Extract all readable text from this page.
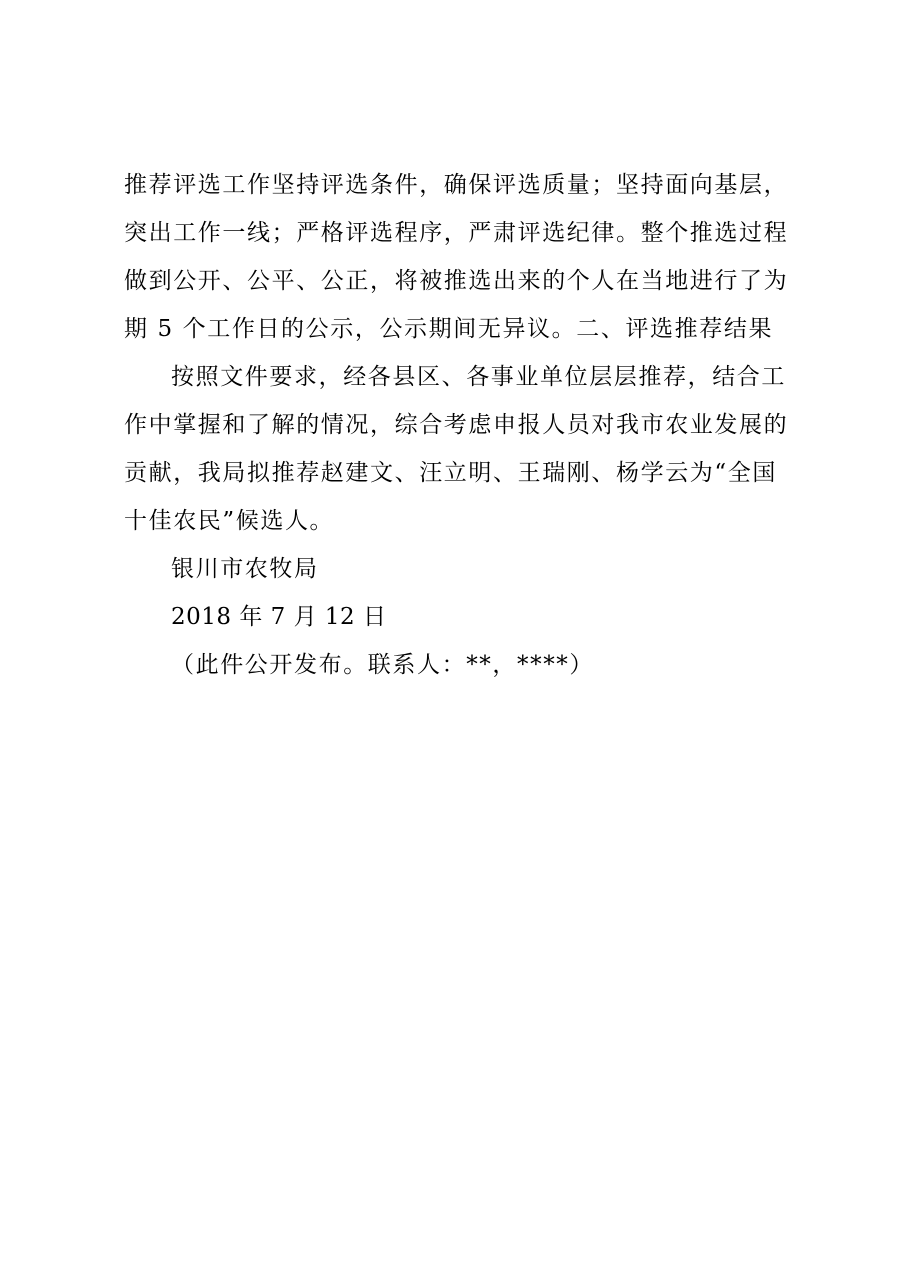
推荐评选工作坚持评选条件，确保评选质量；坚持面向基层，
突出工作一线；严格评选程序，严肃评选纪律。整个推选过程
做到公开、公平、公正，将被推选出来的个人在当地进行了为
期 5 个工作日的公示，公示期间无异议。二、评选推荐结果
按照文件要求，经各县区、各事业单位层层推荐，结合工
作中掌握和了解的情况，综合考虑申报人员对我市农业发展的
贡献，我局拟推荐赵建文、汪立明、王瑞刚、杨学云为“全国
十佳农民”候选人。
银川市农牧局
2018 年 7 月 12 日
（此件公开发布。联系人：**，****）
